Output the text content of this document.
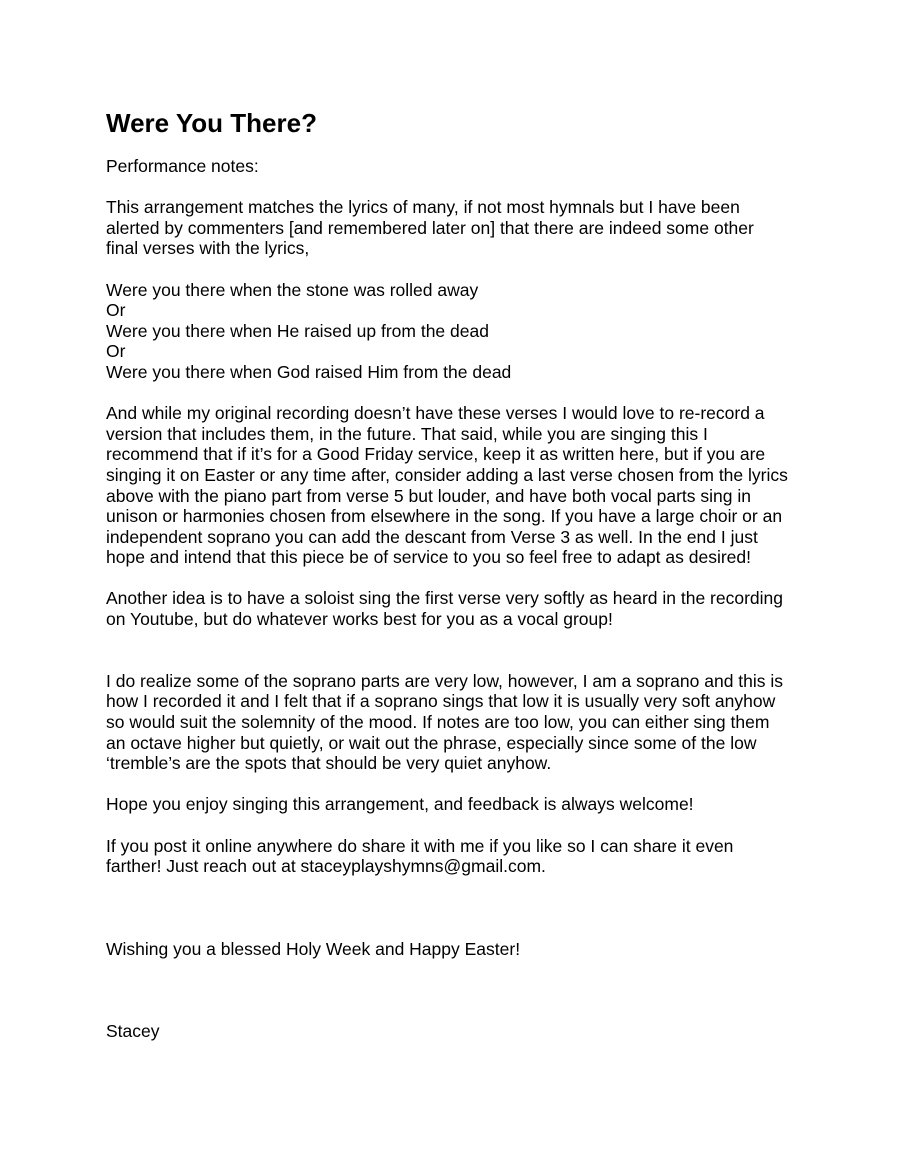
Were You There?

Performance notes:

This arrangement matches the lyrics of many, if not most hymnals but I have been
alerted by commenters [and remembered later on] that there are indeed some other
final verses with the lyrics,

Were you there when the stone was rolled away
Or
Were you there when He raised up from the dead
Or
Were you there when God raised Him from the dead

And while my original recording doesn’t have these verses I would love to re-record a
version that includes them, in the future. That said, while you are singing this I
recommend that if it’s for a Good Friday service, keep it as written here, but if you are
singing it on Easter or any time after, consider adding a last verse chosen from the lyrics
above with the piano part from verse 5 but louder, and have both vocal parts sing in
unison or harmonies chosen from elsewhere in the song. If you have a large choir or an
independent soprano you can add the descant from Verse 3 as well. In the end I just
hope and intend that this piece be of service to you so feel free to adapt as desired!

Another idea is to have a soloist sing the first verse very softly as heard in the recording
on Youtube, but do whatever works best for you as a vocal group!

I do realize some of the soprano parts are very low, however, I am a soprano and this is
how I recorded it and I felt that if a soprano sings that low it is usually very soft anyhow
so would suit the solemnity of the mood. If notes are too low, you can either sing them
an octave higher but quietly, or wait out the phrase, especially since some of the low
‘tremble’s are the spots that should be very quiet anyhow.

Hope you enjoy singing this arrangement, and feedback is always welcome!

If you post it online anywhere do share it with me if you like so I can share it even
farther! Just reach out at staceyplayshymns@gmail.com.

Wishing you a blessed Holy Week and Happy Easter!

Stacey
